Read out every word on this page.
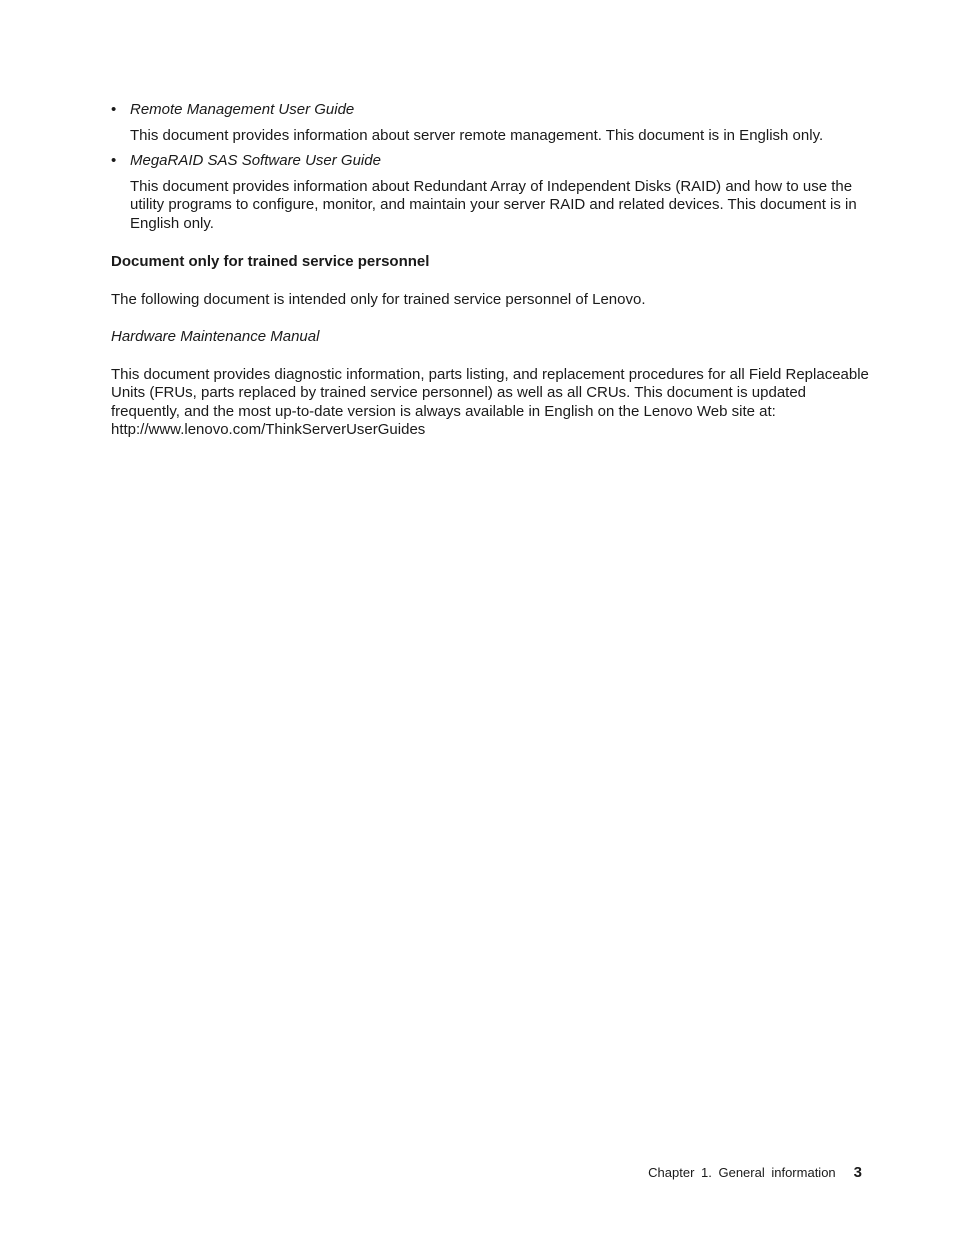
• Remote Management User Guide

This document provides information about server remote management. This document is in English only.

• MegaRAID SAS Software User Guide

This document provides information about Redundant Array of Independent Disks (RAID) and how to use the utility programs to configure, monitor, and maintain your server RAID and related devices. This document is in English only.

Document only for trained service personnel

The following document is intended only for trained service personnel of Lenovo.

Hardware Maintenance Manual

This document provides diagnostic information, parts listing, and replacement procedures for all Field Replaceable Units (FRUs, parts replaced by trained service personnel) as well as all CRUs. This document is updated frequently, and the most up-to-date version is always available in English on the Lenovo Web site at: http://www.lenovo.com/ThinkServerUserGuides

Chapter 1. General information 3
